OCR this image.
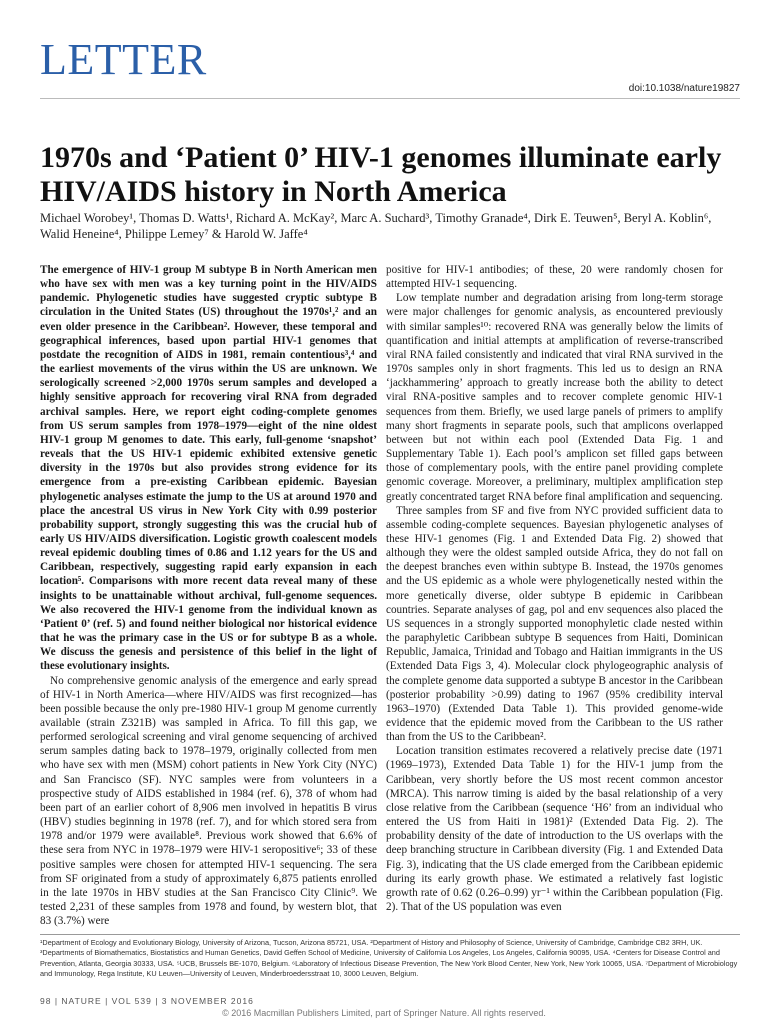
LETTER
doi:10.1038/nature19827
1970s and ‘Patient 0’ HIV-1 genomes illuminate early HIV/AIDS history in North America

Michael Worobey¹, Thomas D. Watts¹, Richard A. McKay², Marc A. Suchard³, Timothy Granade⁴, Dirk E. Teuwen⁵, Beryl A. Koblin⁶, Walid Heneine⁴, Philippe Lemey⁷ & Harold W. Jaffe⁴

The emergence of HIV-1 group M subtype B in North American men who have sex with men was a key turning point in the HIV/AIDS pandemic. Phylogenetic studies have suggested cryptic subtype B circulation in the United States (US) throughout the 1970s¹,² and an even older presence in the Caribbean². However, these temporal and geographical inferences, based upon partial HIV-1 genomes that postdate the recognition of AIDS in 1981, remain contentious³,⁴ and the earliest movements of the virus within the US are unknown. We serologically screened >2,000 1970s serum samples and developed a highly sensitive approach for recovering viral RNA from degraded archival samples. Here, we report eight coding-complete genomes from US serum samples from 1978–1979—eight of the nine oldest HIV-1 group M genomes to date. This early, full-genome ‘snapshot’ reveals that the US HIV-1 epidemic exhibited extensive genetic diversity in the 1970s but also provides strong evidence for its emergence from a pre-existing Caribbean epidemic. Bayesian phylogenetic analyses estimate the jump to the US at around 1970 and place the ancestral US virus in New York City with 0.99 posterior probability support, strongly suggesting this was the crucial hub of early US HIV/AIDS diversification. Logistic growth coalescent models reveal epidemic doubling times of 0.86 and 1.12 years for the US and Caribbean, respectively, suggesting rapid early expansion in each location⁵. Comparisons with more recent data reveal many of these insights to be unattainable without archival, full-genome sequences. We also recovered the HIV-1 genome from the individual known as ‘Patient 0’ (ref. 5) and found neither biological nor historical evidence that he was the primary case in the US or for subtype B as a whole. We discuss the genesis and persistence of this belief in the light of these evolutionary insights.

No comprehensive genomic analysis of the emergence and early spread of HIV-1 in North America—where HIV/AIDS was first recognized—has been possible because the only pre-1980 HIV-1 group M genome currently available (strain Z321B) was sampled in Africa. To fill this gap, we performed serological screening and viral genome sequencing of archived serum samples dating back to 1978–1979, originally collected from men who have sex with men (MSM) cohort patients in New York City (NYC) and San Francisco (SF). NYC samples were from volunteers in a prospective study of AIDS established in 1984 (ref. 6), 378 of whom had been part of an earlier cohort of 8,906 men involved in hepatitis B virus (HBV) studies beginning in 1978 (ref. 7), and for which stored sera from 1978 and/or 1979 were available⁸. Previous work showed that 6.6% of these sera from NYC in 1978–1979 were HIV-1 seropositive⁶; 33 of these positive samples were chosen for attempted HIV-1 sequencing. The sera from SF originated from a study of approximately 6,875 patients enrolled in the late 1970s in HBV studies at the San Francisco City Clinic⁹. We tested 2,231 of these samples from 1978 and found, by western blot, that 83 (3.7%) were

positive for HIV-1 antibodies; of these, 20 were randomly chosen for attempted HIV-1 sequencing.

Low template number and degradation arising from long-term storage were major challenges for genomic analysis, as encountered previously with similar samples¹⁰: recovered RNA was generally below the limits of quantification and initial attempts at amplification of reverse-transcribed viral RNA failed consistently and indicated that viral RNA survived in the 1970s samples only in short fragments. This led us to design an RNA ‘jackhammering’ approach to greatly increase both the ability to detect viral RNA-positive samples and to recover complete genomic HIV-1 sequences from them. Briefly, we used large panels of primers to amplify many short fragments in separate pools, such that amplicons overlapped between but not within each pool (Extended Data Fig. 1 and Supplementary Table 1). Each pool’s amplicon set filled gaps between those of complementary pools, with the entire panel providing complete genomic coverage. Moreover, a preliminary, multiplex amplification step greatly concentrated target RNA before final amplification and sequencing.

Three samples from SF and five from NYC provided sufficient data to assemble coding-complete sequences. Bayesian phylogenetic analyses of these HIV-1 genomes (Fig. 1 and Extended Data Fig. 2) showed that although they were the oldest sampled outside Africa, they do not fall on the deepest branches even within subtype B. Instead, the 1970s genomes and the US epidemic as a whole were phylogenetically nested within the more genetically diverse, older subtype B epidemic in Caribbean countries. Separate analyses of gag, pol and env sequences also placed the US sequences in a strongly supported monophyletic clade nested within the paraphyletic Caribbean subtype B sequences from Haiti, Dominican Republic, Jamaica, Trinidad and Tobago and Haitian immigrants in the US (Extended Data Figs 3, 4). Molecular clock phylogeographic analysis of the complete genome data supported a subtype B ancestor in the Caribbean (posterior probability >0.99) dating to 1967 (95% credibility interval 1963–1970) (Extended Data Table 1). This provided genome-wide evidence that the epidemic moved from the Caribbean to the US rather than from the US to the Caribbean².

Location transition estimates recovered a relatively precise date (1971 (1969–1973), Extended Data Table 1) for the HIV-1 jump from the Caribbean, very shortly before the US most recent common ancestor (MRCA). This narrow timing is aided by the basal relationship of a very close relative from the Caribbean (sequence ‘H6’ from an individual who entered the US from Haiti in 1981)² (Extended Data Fig. 2). The probability density of the date of introduction to the US overlaps with the deep branching structure in Caribbean diversity (Fig. 1 and Extended Data Fig. 3), indicating that the US clade emerged from the Caribbean epidemic during its early growth phase. We estimated a relatively fast logistic growth rate of 0.62 (0.26–0.99) yr⁻¹ within the Caribbean population (Fig. 2). That of the US population was even

¹Department of Ecology and Evolutionary Biology, University of Arizona, Tucson, Arizona 85721, USA. ²Department of History and Philosophy of Science, University of Cambridge, Cambridge CB2 3RH, UK. ³Departments of Biomathematics, Biostatistics and Human Genetics, David Geffen School of Medicine, University of California Los Angeles, Los Angeles, California 90095, USA. ⁴Centers for Disease Control and Prevention, Atlanta, Georgia 30333, USA. ⁵UCB, Brussels BE-1070, Belgium. ⁶Laboratory of Infectious Disease Prevention, The New York Blood Center, New York, New York 10065, USA. ⁷Department of Microbiology and Immunology, Rega Institute, KU Leuven—University of Leuven, Minderbroedersstraat 10, 3000 Leuven, Belgium.

98 | NATURE | VOL 539 | 3 NOVEMBER 2016
© 2016 Macmillan Publishers Limited, part of Springer Nature. All rights reserved.
